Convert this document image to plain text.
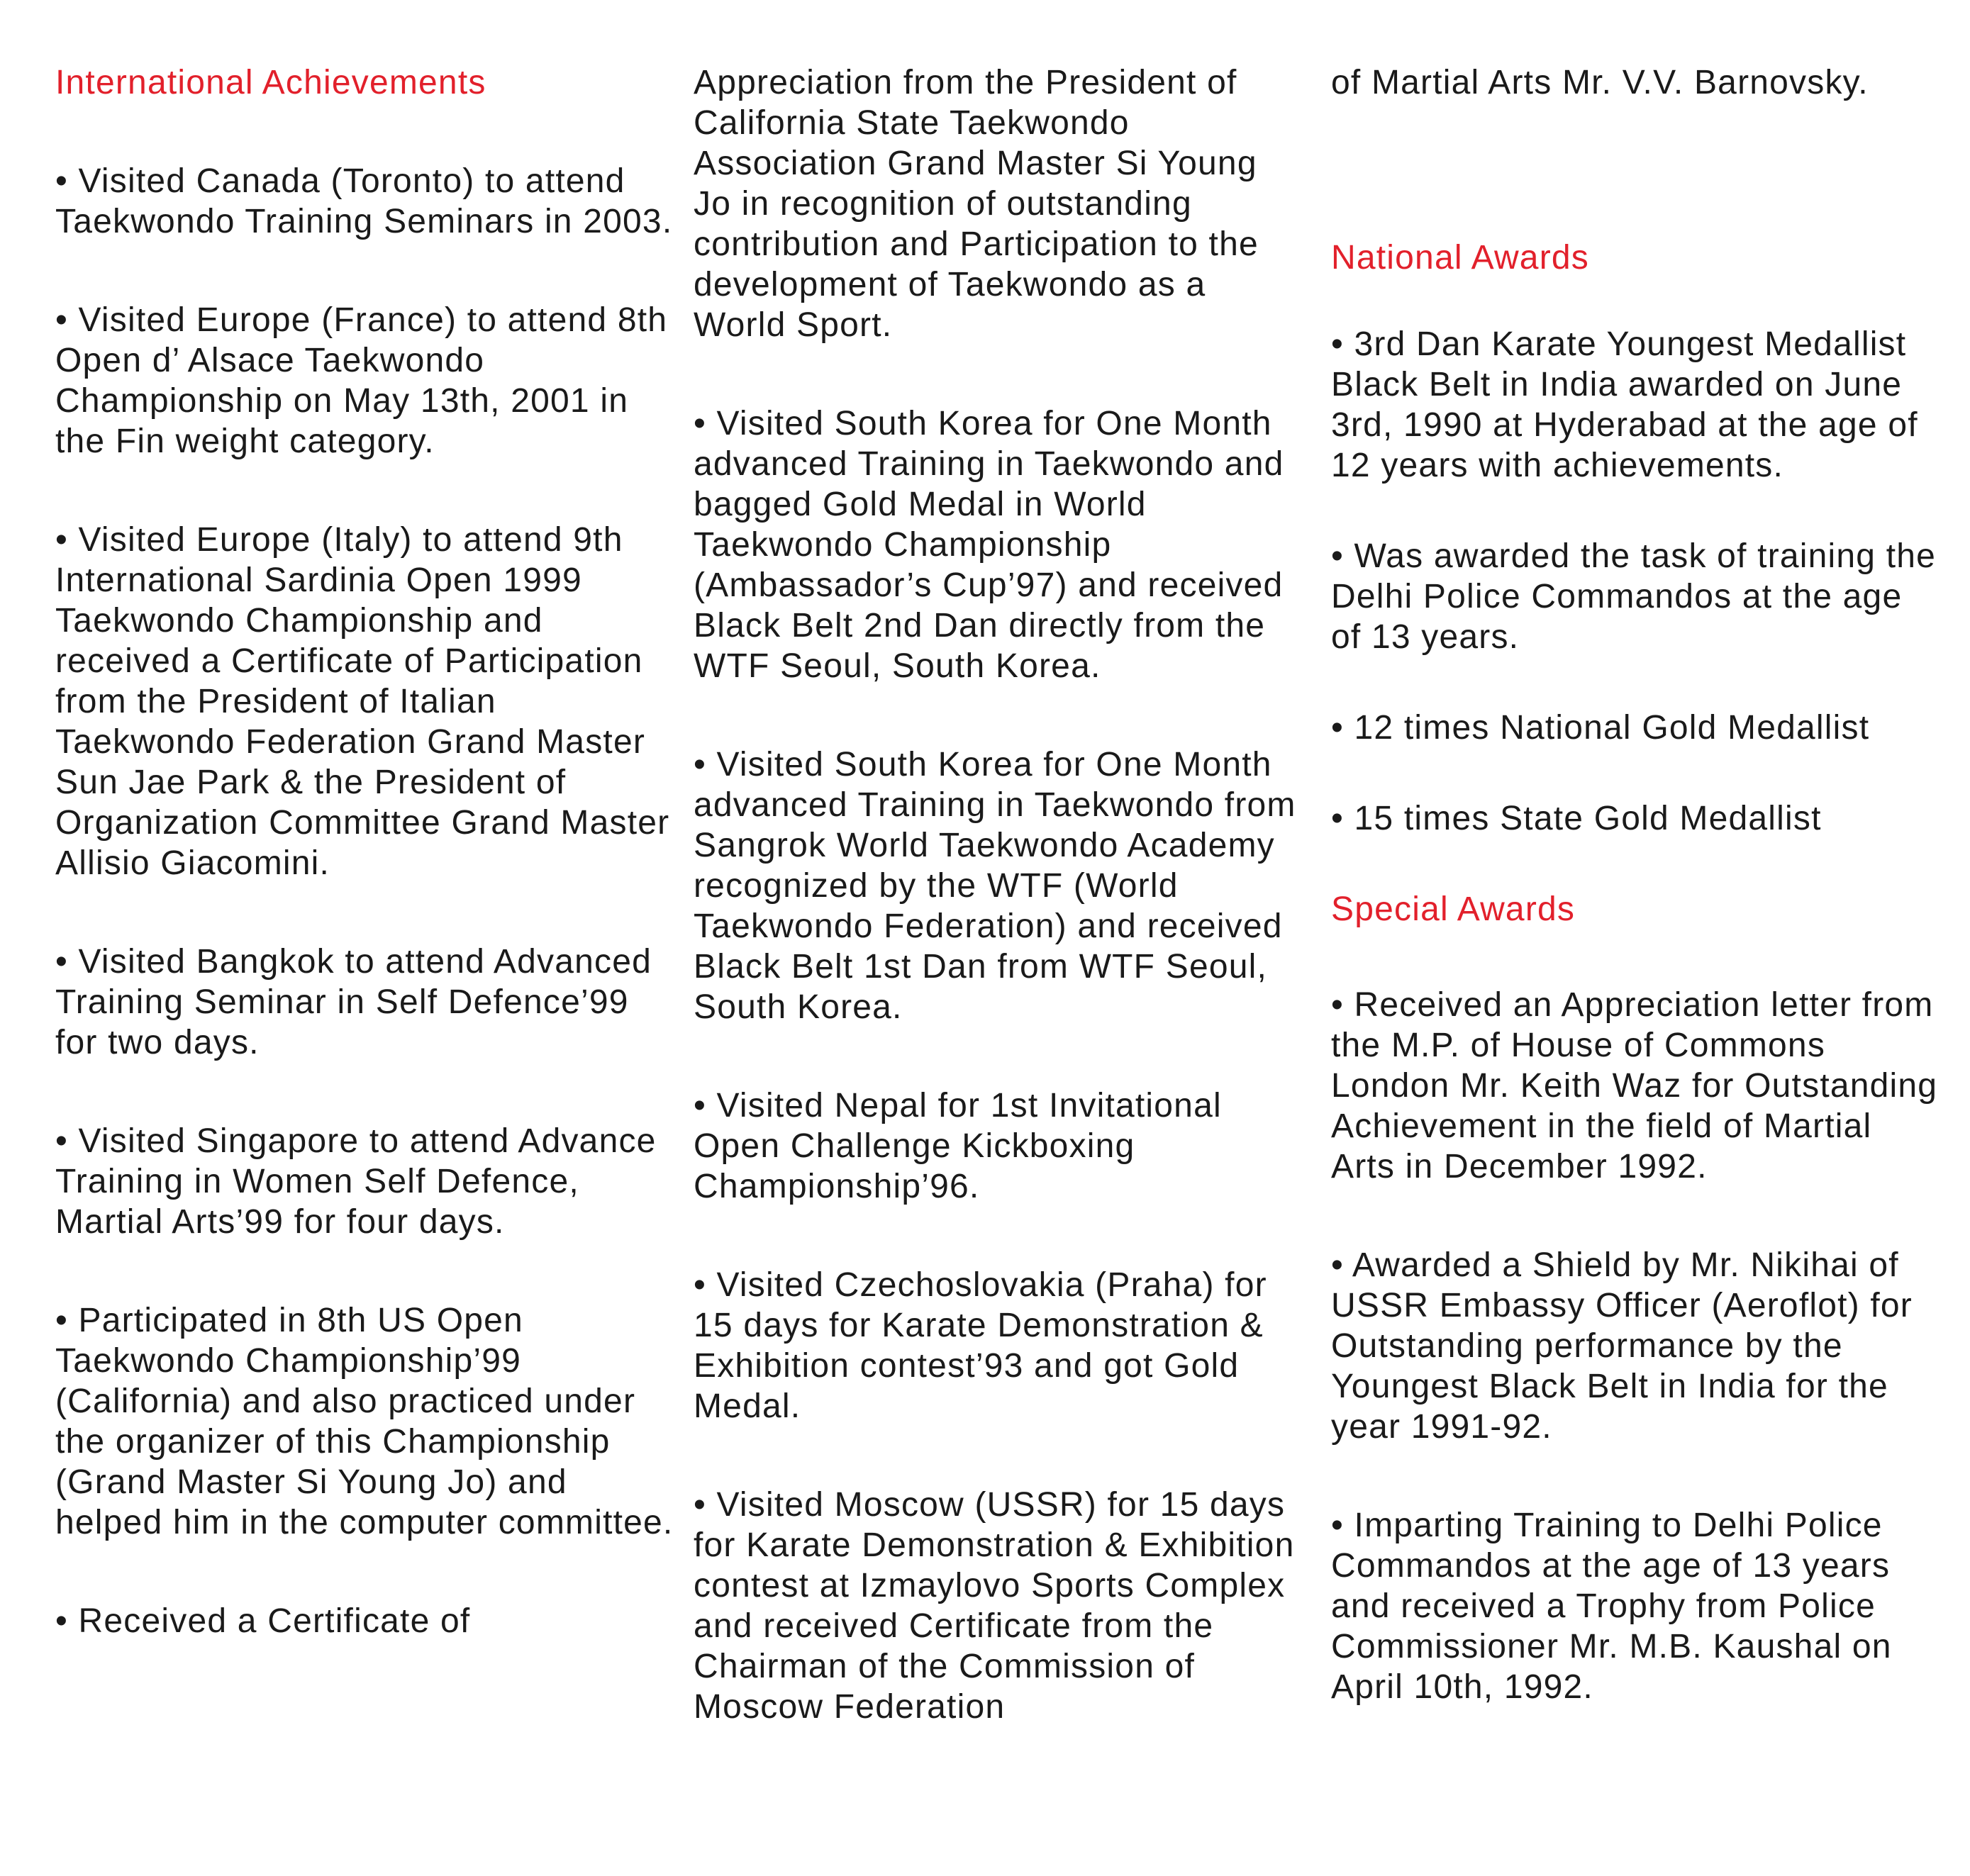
International Achievements

• Visited Canada (Toronto) to attend Taekwondo Training Seminars in 2003.

• Visited Europe (France) to attend 8th Open d’ Alsace Taekwondo Championship on May 13th, 2001 in the Fin weight category.

• Visited Europe (Italy) to attend 9th International Sardinia Open 1999 Taekwondo Championship and received a Certificate of Participation from the President of Italian Taekwondo Federation Grand Master Sun Jae Park & the President of Organization Committee Grand Master Allisio Giacomini.

• Visited Bangkok to attend Advanced Training Seminar in Self Defence’99 for two days.

• Visited Singapore to attend Advance Training in Women Self Defence, Martial Arts’99 for four days.

• Participated in 8th US Open Taekwondo Championship’99 (California) and also practiced under the organizer of this Championship (Grand Master Si Young Jo) and helped him in the computer committee.

• Received a Certificate of

Appreciation from the President of California State Taekwondo Association Grand Master Si Young Jo in recognition of outstanding contribution and Participation to the development of Taekwondo as a World Sport.

• Visited South Korea for One Month advanced Training in Taekwondo and bagged Gold Medal in World Taekwondo Championship (Ambassador’s Cup’97) and received Black Belt 2nd Dan directly from the WTF Seoul, South Korea.

• Visited South Korea for One Month advanced Training in Taekwondo from Sangrok World Taekwondo Academy recognized by the WTF (World Taekwondo Federation) and received Black Belt 1st Dan from WTF Seoul, South Korea.

• Visited Nepal for 1st Invitational Open Challenge Kickboxing Championship’96.

• Visited Czechoslovakia (Praha) for 15 days for Karate Demonstration & Exhibition contest’93 and got Gold Medal.

• Visited Moscow (USSR) for 15 days for Karate Demonstration & Exhibition contest at Izmaylovo Sports Complex and received Certificate from the Chairman of the Commission of Moscow Federation

of Martial Arts Mr. V.V. Barnovsky.

National Awards

• 3rd Dan Karate Youngest Medallist Black Belt in India awarded on June 3rd, 1990 at Hyderabad at the age of 12 years with achievements.

• Was awarded the task of training the Delhi Police Commandos at the age of 13 years.

• 12 times National Gold Medallist

• 15 times State Gold Medallist

Special Awards

• Received an Appreciation letter from the M.P. of House of Commons London Mr. Keith Waz for Outstanding Achievement in the field of Martial Arts in December 1992.

• Awarded a Shield by Mr. Nikihai of USSR Embassy Officer (Aeroflot) for Outstanding performance by the Youngest Black Belt in India for the year 1991-92.

• Imparting Training to Delhi Police Commandos at the age of 13 years and received a Trophy from Police Commissioner Mr. M.B. Kaushal on April 10th, 1992.
